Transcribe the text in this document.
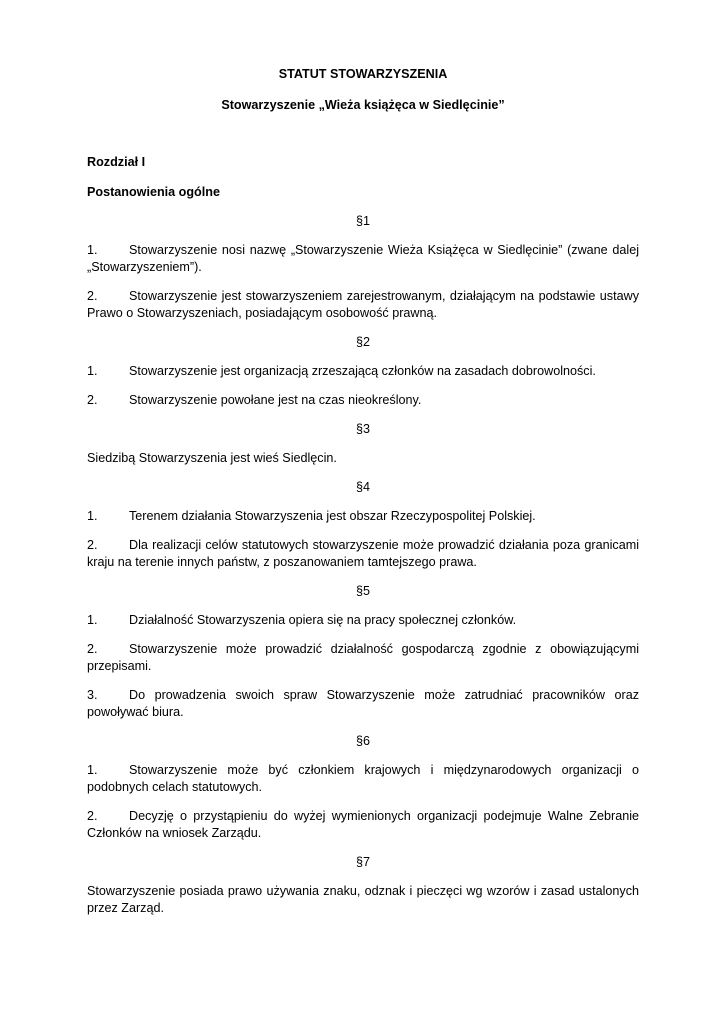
STATUT STOWARZYSZENIA

Stowarzyszenie „Wieża książęca w Siedlęcinie”

Rozdział I

Postanowienia ogólne

§1

1. Stowarzyszenie nosi nazwę „Stowarzyszenie Wieża Książęca w Siedlęcinie” (zwane dalej „Stowarzyszeniem”).

2. Stowarzyszenie jest stowarzyszeniem zarejestrowanym, działającym na podstawie ustawy Prawo o Stowarzyszeniach, posiadającym osobowość prawną.

§2

1. Stowarzyszenie jest organizacją zrzeszającą członków na zasadach dobrowolności.

2. Stowarzyszenie powołane jest na czas nieokreślony.

§3

Siedzibą Stowarzyszenia jest wieś Siedlęcin.

§4

1. Terenem działania Stowarzyszenia jest obszar Rzeczypospolitej Polskiej.

2. Dla realizacji celów statutowych stowarzyszenie może prowadzić działania poza granicami kraju na terenie innych państw, z poszanowaniem tamtejszego prawa.

§5

1. Działalność Stowarzyszenia opiera się na pracy społecznej członków.

2. Stowarzyszenie może prowadzić działalność gospodarczą zgodnie z obowiązującymi przepisami.

3. Do prowadzenia swoich spraw Stowarzyszenie może zatrudniać pracowników oraz powoływać biura.

§6

1. Stowarzyszenie może być członkiem krajowych i międzynarodowych organizacji o podobnych celach statutowych.

2. Decyzję o przystąpieniu do wyżej wymienionych organizacji podejmuje Walne Zebranie Członków na wniosek Zarządu.

§7

Stowarzyszenie posiada prawo używania znaku, odznak i pieczęci wg wzorów i zasad ustalonych przez Zarząd.
